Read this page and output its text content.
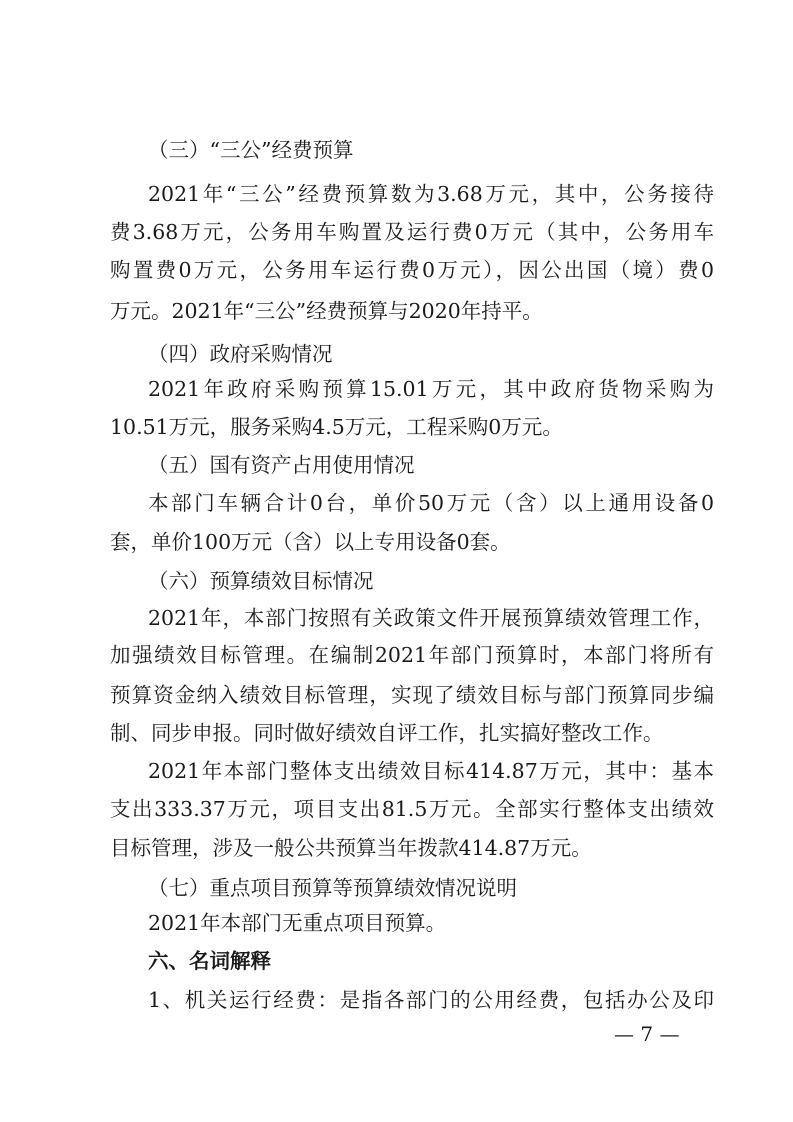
（三）“三公”经费预算
2021年“三公”经费预算数为3.68万元，其中，公务接待
费3.68万元，公务用车购置及运行费0万元（其中，公务用车
购置费0万元，公务用车运行费0万元），因公出国（境）费0
万元。2021年“三公”经费预算与2020年持平。
（四）政府采购情况
2021年政府采购预算15.01万元，其中政府货物采购为
10.51万元，服务采购4.5万元，工程采购0万元。
（五）国有资产占用使用情况
本部门车辆合计0台，单价50万元（含）以上通用设备0
套，单价100万元（含）以上专用设备0套。
（六）预算绩效目标情况
2021年，本部门按照有关政策文件开展预算绩效管理工作，
加强绩效目标管理。在编制2021年部门预算时，本部门将所有
预算资金纳入绩效目标管理，实现了绩效目标与部门预算同步编
制、同步申报。同时做好绩效自评工作，扎实搞好整改工作。
2021年本部门整体支出绩效目标414.87万元，其中：基本
支出333.37万元，项目支出81.5万元。全部实行整体支出绩效
目标管理，涉及一般公共预算当年拨款414.87万元。
（七）重点项目预算等预算绩效情况说明
2021年本部门无重点项目预算。
六、名词解释
1、机关运行经费：是指各部门的公用经费，包括办公及印
— 7 —
